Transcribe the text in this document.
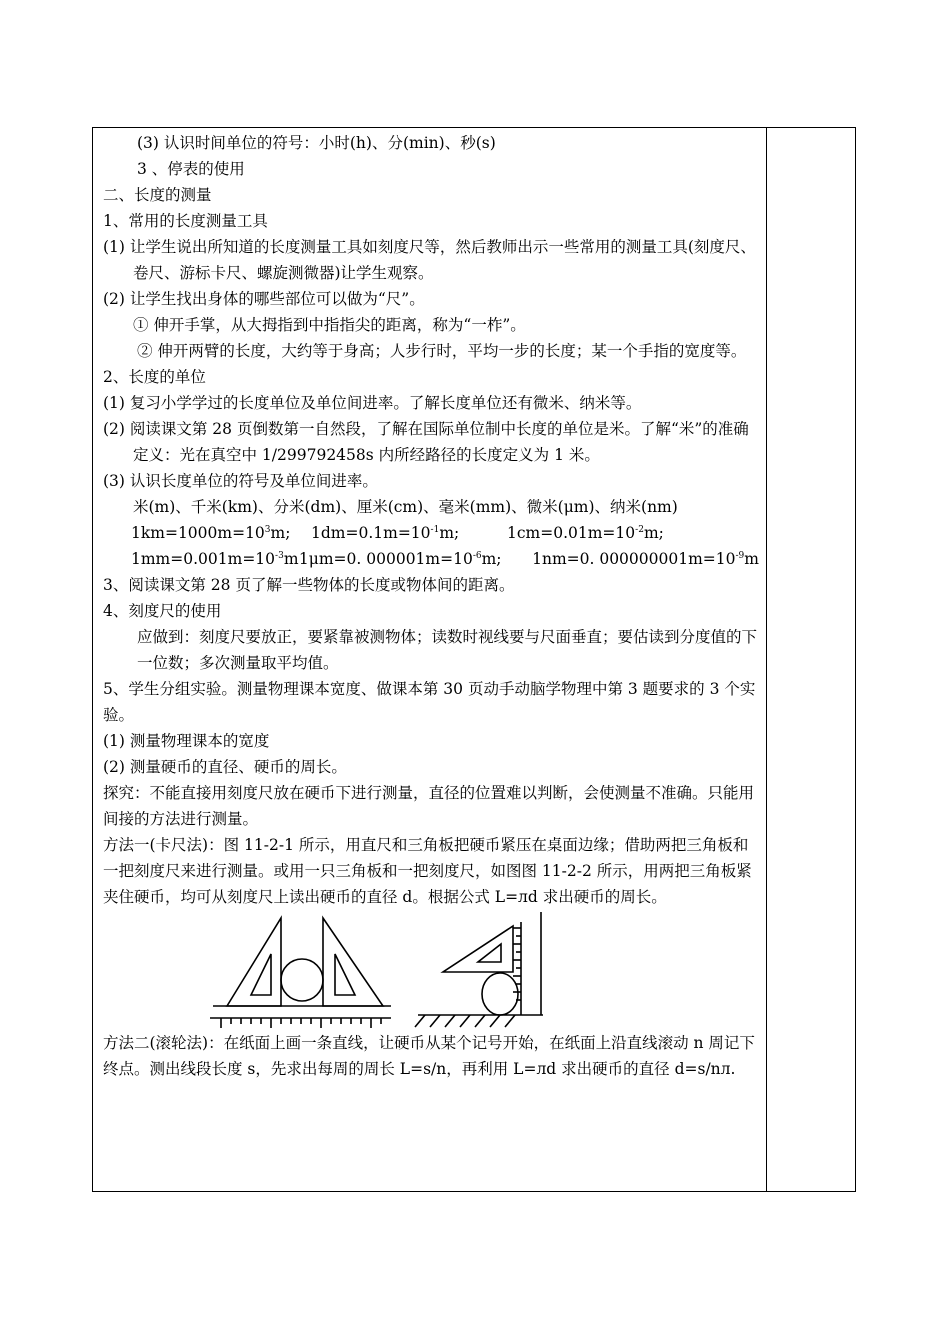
(3) 认识时间单位的符号：小时(h)、分(min)、秒(s)
3 、停表的使用
二、长度的测量
1、常用的长度测量工具
(1) 让学生说出所知道的长度测量工具如刻度尺等，然后教师出示一些常用的测量工具(刻度尺、卷尺、游标卡尺、螺旋测微器)让学生观察。
(2) 让学生找出身体的哪些部位可以做为“尺”。
① 伸开手掌，从大拇指到中指指尖的距离，称为“一柞”。
② 伸开两臂的长度，大约等于身高；人步行时，平均一步的长度；某一个手指的宽度等。
2、长度的单位
(1) 复习小学学过的长度单位及单位间进率。了解长度单位还有微米、纳米等。
(2) 阅读课文第 28 页倒数第一自然段，了解在国际单位制中长度的单位是米。了解“米”的准确定义：光在真空中 1/299792458s 内所经路径的长度定义为 1 米。
(3) 认识长度单位的符号及单位间进率。
米(m)、千米(km)、分米(dm)、厘米(cm)、毫米(mm)、微米(μm)、纳米(nm)
$1km=1000m=10^3m$;	$1dm=0.1m=10^{-1}m$;	$1cm=0.01m=10^{-2}m$;
$1mm=0.001m=10^{-3}m$ 1μm=0. $000001m=10^{-6}m$;	1nm=0. $000000001m=10^{-9}m$
3、阅读课文第 28 页了解一些物体的长度或物体间的距离。
4、刻度尺的使用
应做到：刻度尺要放正，要紧靠被测物体；读数时视线要与尺面垂直；要估读到分度值的下一位数；多次测量取平均值。
5、学生分组实验。测量物理课本宽度、做课本第 30 页动手动脑学物理中第 3 题要求的 3 个实验。
(1) 测量物理课本的宽度
(2) 测量硬币的直径、硬币的周长。
探究：不能直接用刻度尺放在硬币下进行测量，直径的位置难以判断，会使测量不准确。只能用间接的方法进行测量。
方法一(卡尺法)：图 11-2-1 所示，用直尺和三角板把硬币紧压在桌面边缘；借助两把三角板和一把刻度尺来进行测量。或用一只三角板和一把刻度尺，如图图 11-2-2 所示，用两把三角板紧夹住硬币，均可从刻度尺上读出硬币的直径 d。根据公式 L=лd 求出硬币的周长。
方法二(滚轮法)：在纸面上画一条直线，让硬币从某个记号开始，在纸面上沿直线滚动 n 周记下终点。测出线段长度 s，先求出每周的周长 L=s/n，再利用 L=лd 求出硬币的直径 d=s/nл.
